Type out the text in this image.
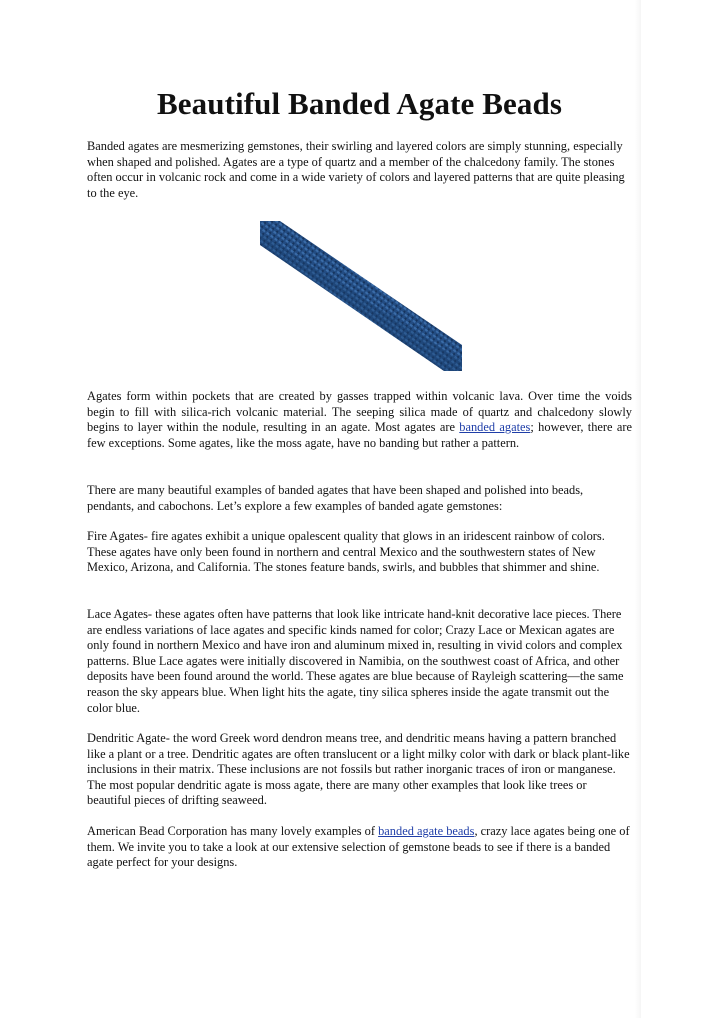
Beautiful Banded Agate Beads

Banded agates are mesmerizing gemstones, their swirling and layered colors are simply stunning, especially when shaped and polished. Agates are a type of quartz and a member of the chalcedony family. The stones often occur in volcanic rock and come in a wide variety of colors and layered patterns that are quite pleasing to the eye.

Agates form within pockets that are created by gasses trapped within volcanic lava. Over time the voids begin to fill with silica-rich volcanic material. The seeping silica made of quartz and chalcedony slowly begins to layer within the nodule, resulting in an agate. Most agates are banded agates; however, there are few exceptions. Some agates, like the moss agate, have no banding but rather a pattern.

There are many beautiful examples of banded agates that have been shaped and polished into beads, pendants, and cabochons. Let’s explore a few examples of banded agate gemstones:

Fire Agates- fire agates exhibit a unique opalescent quality that glows in an iridescent rainbow of colors. These agates have only been found in northern and central Mexico and the southwestern states of New Mexico, Arizona, and California. The stones feature bands, swirls, and bubbles that shimmer and shine.

Lace Agates- these agates often have patterns that look like intricate hand-knit decorative lace pieces. There are endless variations of lace agates and specific kinds named for color; Crazy Lace or Mexican agates are only found in northern Mexico and have iron and aluminum mixed in, resulting in vivid colors and complex patterns. Blue Lace agates were initially discovered in Namibia, on the southwest coast of Africa, and other deposits have been found around the world. These agates are blue because of Rayleigh scattering—the same reason the sky appears blue. When light hits the agate, tiny silica spheres inside the agate transmit out the color blue.

Dendritic Agate- the word Greek word dendron means tree, and dendritic means having a pattern branched like a plant or a tree. Dendritic agates are often translucent or a light milky color with dark or black plant-like inclusions in their matrix. These inclusions are not fossils but rather inorganic traces of iron or manganese. The most popular dendritic agate is moss agate, there are many other examples that look like trees or beautiful pieces of drifting seaweed.

American Bead Corporation has many lovely examples of banded agate beads, crazy lace agates being one of them. We invite you to take a look at our extensive selection of gemstone beads to see if there is a banded agate perfect for your designs.
